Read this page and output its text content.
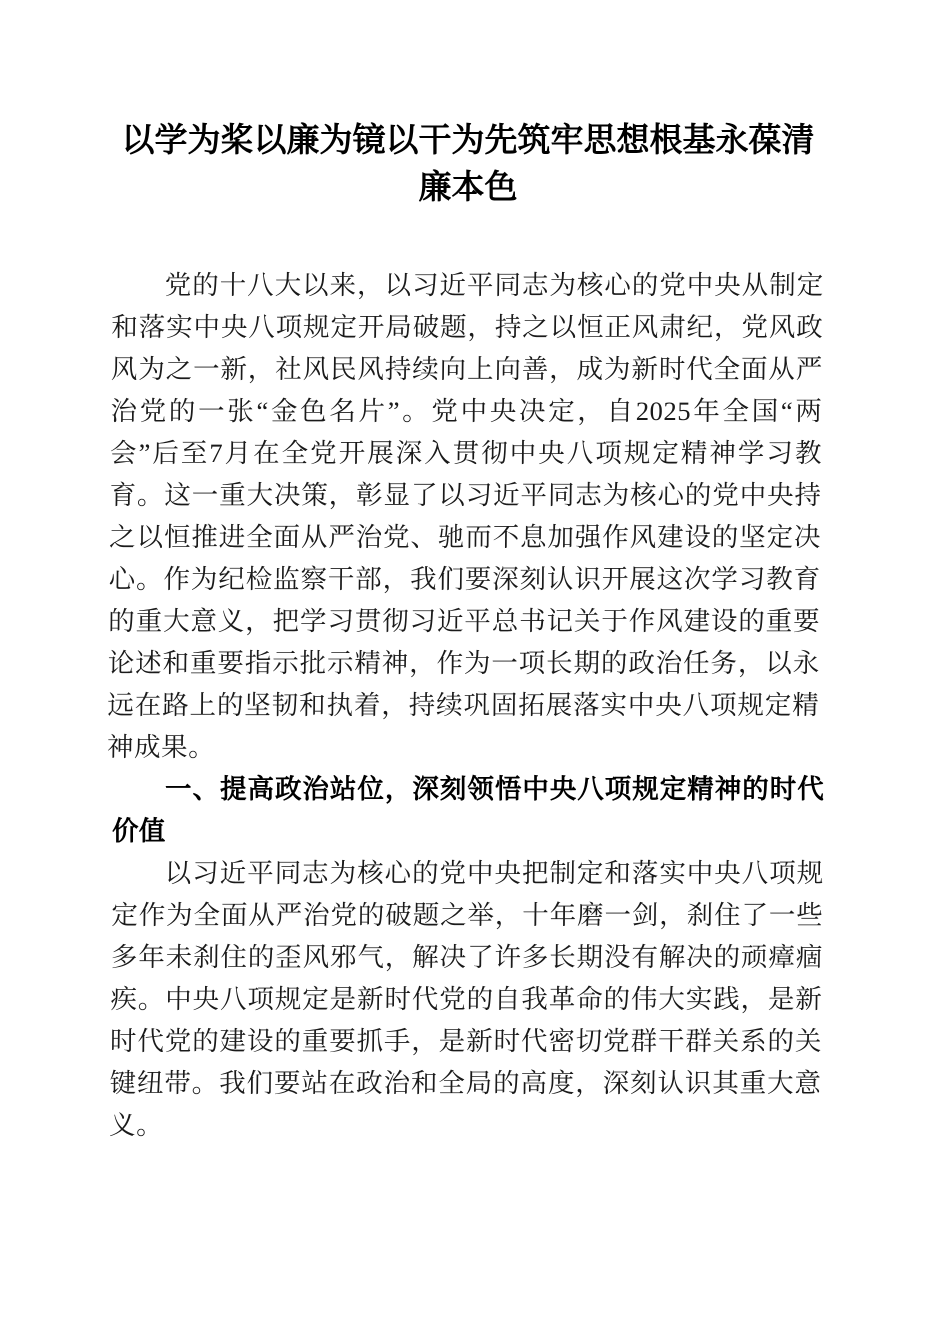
以学为桨以廉为镜以干为先筑牢思想根基永葆清廉本色

党的十八大以来，以习近平同志为核心的党中央从制定和落实中央八项规定开局破题，持之以恒正风肃纪，党风政风为之一新，社风民风持续向上向善，成为新时代全面从严治党的一张“金色名片”。党中央决定，自2025年全国“两会”后至7月在全党开展深入贯彻中央八项规定精神学习教育。这一重大决策，彰显了以习近平同志为核心的党中央持之以恒推进全面从严治党、驰而不息加强作风建设的坚定决心。作为纪检监察干部，我们要深刻认识开展这次学习教育的重大意义，把学习贯彻习近平总书记关于作风建设的重要论述和重要指示批示精神，作为一项长期的政治任务，以永远在路上的坚韧和执着，持续巩固拓展落实中央八项规定精神成果。

一、提高政治站位，深刻领悟中央八项规定精神的时代价值

以习近平同志为核心的党中央把制定和落实中央八项规定作为全面从严治党的破题之举，十年磨一剑，刹住了一些多年未刹住的歪风邪气，解决了许多长期没有解决的顽瘴痼疾。中央八项规定是新时代党的自我革命的伟大实践，是新时代党的建设的重要抓手，是新时代密切党群干群关系的关键纽带。我们要站在政治和全局的高度，深刻认识其重大意义。
